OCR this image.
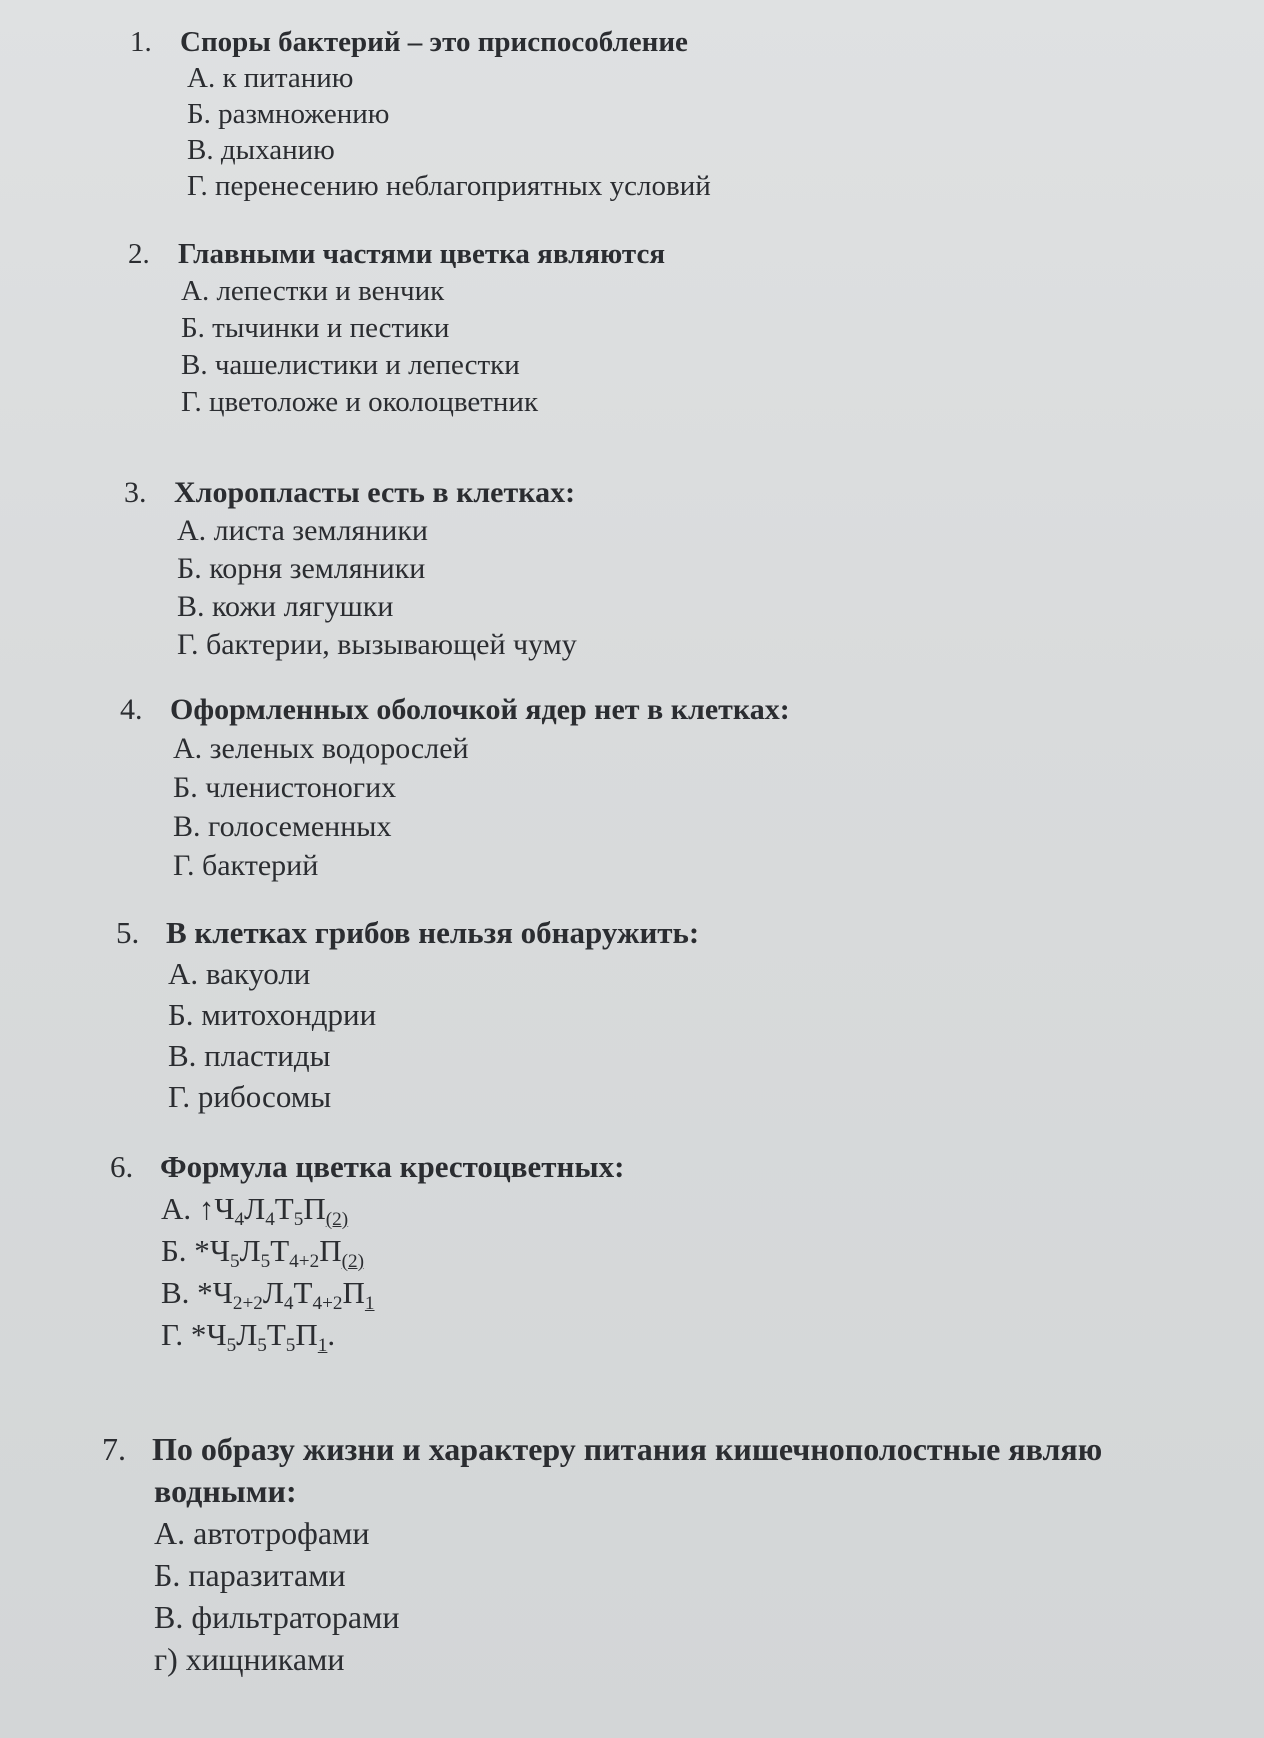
1. Споры бактерий – это приспособление
А. к питанию
Б. размножению
В. дыханию
Г. перенесению неблагоприятных условий
2. Главными частями цветка являются
А. лепестки и венчик
Б. тычинки и пестики
В. чашелистики и лепестки
Г. цветоложе и околоцветник
3. Хлоропласты есть в клетках:
А. листа земляники
Б. корня земляники
В. кожи лягушки
Г. бактерии, вызывающей чуму
4. Оформленных оболочкой ядер нет в клетках:
А. зеленых водорослей
Б. членистоногих
В. голосеменных
Г. бактерий
5. В клетках грибов нельзя обнаружить:
А. вакуоли
Б. митохондрии
В. пластиды
Г. рибосомы
6. Формула цветка крестоцветных:
А. $↑Ч_4Л_4Т_5П_{(2)}$
Б. $*Ч_5Л_5Т_{4+2}П_{(2)}$
В. $*Ч_{2+2}Л_4Т_{4+2}П_1$
Г. $*Ч_5Л_5Т_5П_1$.
7. По образу жизни и характеру питания кишечнополостные являю
водными:
А. автотрофами
Б. паразитами
В. фильтраторами
г) хищниками
